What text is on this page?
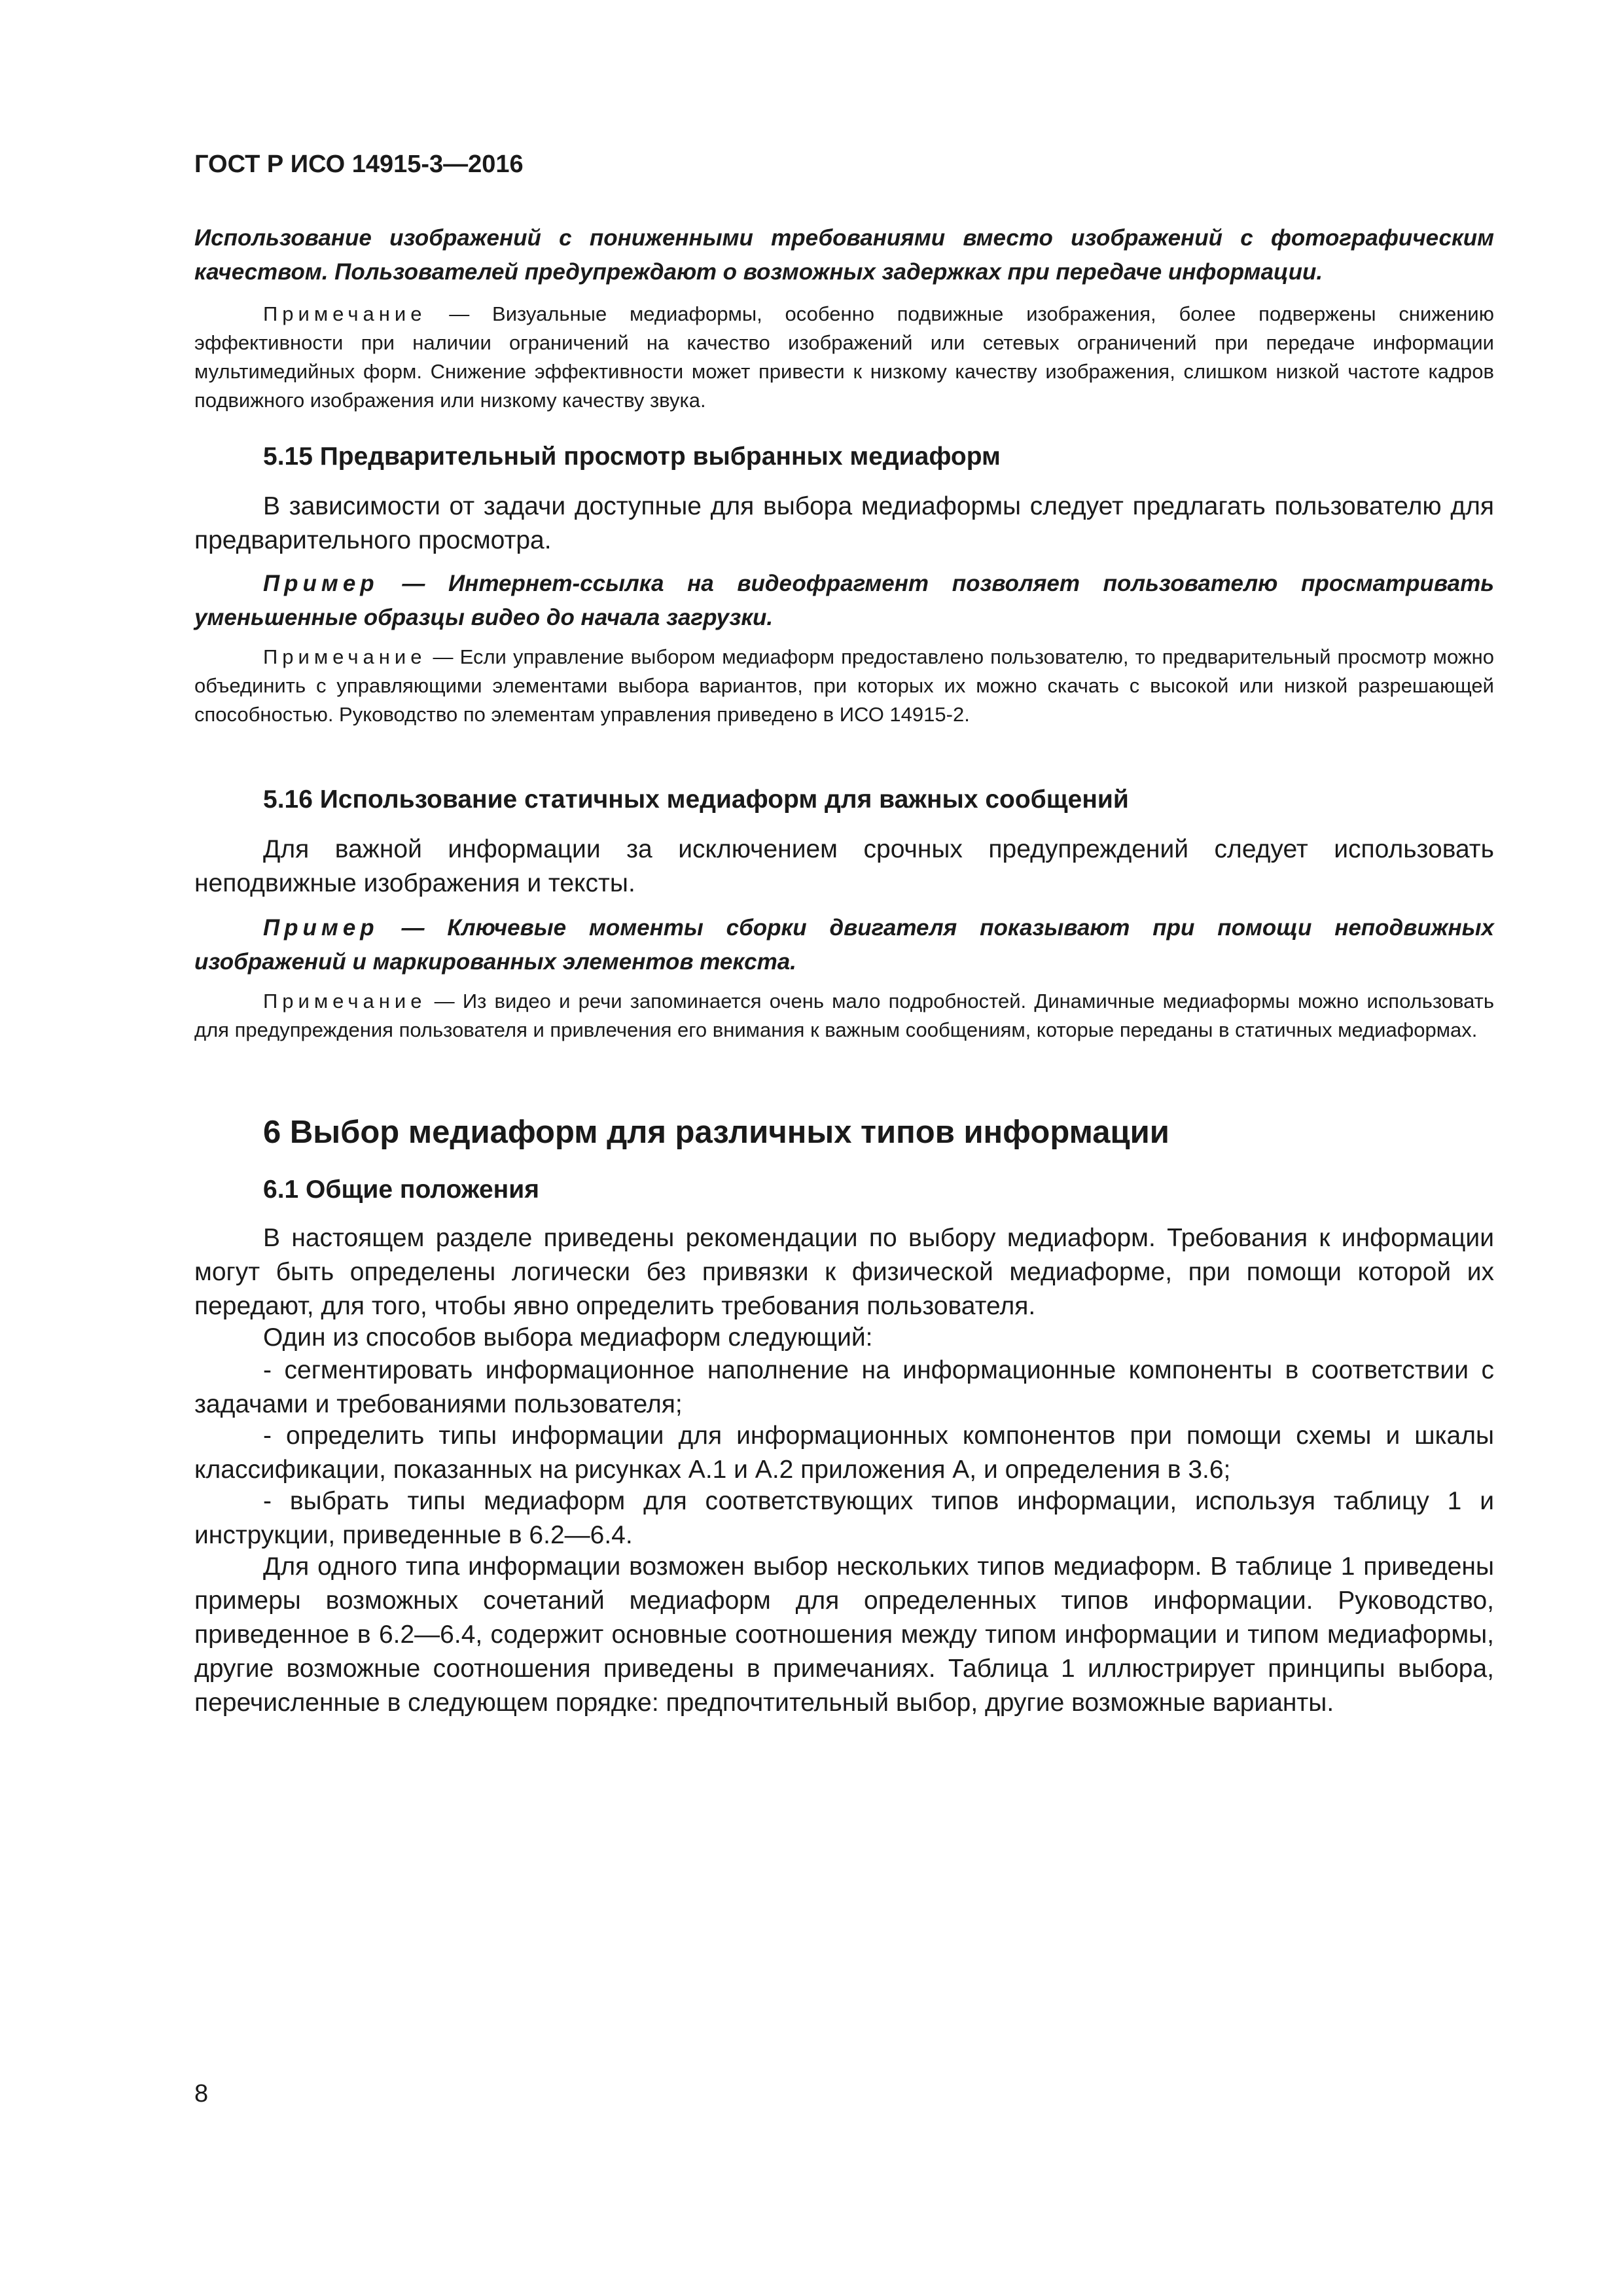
ГОСТ Р ИСО 14915-3—2016

Использование изображений с пониженными требованиями вместо изображений с фотографическим качеством. Пользователей предупреждают о возможных задержках при передаче информации.

Примечание — Визуальные медиаформы, особенно подвижные изображения, более подвержены снижению эффективности при наличии ограничений на качество изображений или сетевых ограничений при передаче информации мультимедийных форм. Снижение эффективности может привести к низкому качеству изображения, слишком низкой частоте кадров подвижного изображения или низкому качеству звука.

5.15 Предварительный просмотр выбранных медиаформ

В зависимости от задачи доступные для выбора медиаформы следует предлагать пользователю для предварительного просмотра.

Пример — Интернет-ссылка на видеофрагмент позволяет пользователю просматривать уменьшенные образцы видео до начала загрузки.

Примечание — Если управление выбором медиаформ предоставлено пользователю, то предварительный просмотр можно объединить с управляющими элементами выбора вариантов, при которых их можно скачать с высокой или низкой разрешающей способностью. Руководство по элементам управления приведено в ИСО 14915-2.

5.16 Использование статичных медиаформ для важных сообщений

Для важной информации за исключением срочных предупреждений следует использовать неподвижные изображения и тексты.

Пример — Ключевые моменты сборки двигателя показывают при помощи неподвижных изображений и маркированных элементов текста.

Примечание — Из видео и речи запоминается очень мало подробностей. Динамичные медиаформы можно использовать для предупреждения пользователя и привлечения его внимания к важным сообщениям, которые переданы в статичных медиаформах.

6 Выбор медиаформ для различных типов информации
6.1 Общие положения

В настоящем разделе приведены рекомендации по выбору медиаформ. Требования к информации могут быть определены логически без привязки к физической медиаформе, при помощи которой их передают, для того, чтобы явно определить требования пользователя.

Один из способов выбора медиаформ следующий:

- сегментировать информационное наполнение на информационные компоненты в соответствии с задачами и требованиями пользователя;

- определить типы информации для информационных компонентов при помощи схемы и шкалы классификации, показанных на рисунках А.1 и А.2 приложения А, и определения в 3.6;

- выбрать типы медиаформ для соответствующих типов информации, используя таблицу 1 и инструкции, приведенные в 6.2—6.4.

Для одного типа информации возможен выбор нескольких типов медиаформ. В таблице 1 приведены примеры возможных сочетаний медиаформ для определенных типов информации. Руководство, приведенное в 6.2—6.4, содержит основные соотношения между типом информации и типом медиаформы, другие возможные соотношения приведены в примечаниях. Таблица 1 иллюстрирует принципы выбора, перечисленные в следующем порядке: предпочтительный выбор, другие возможные варианты.

8
